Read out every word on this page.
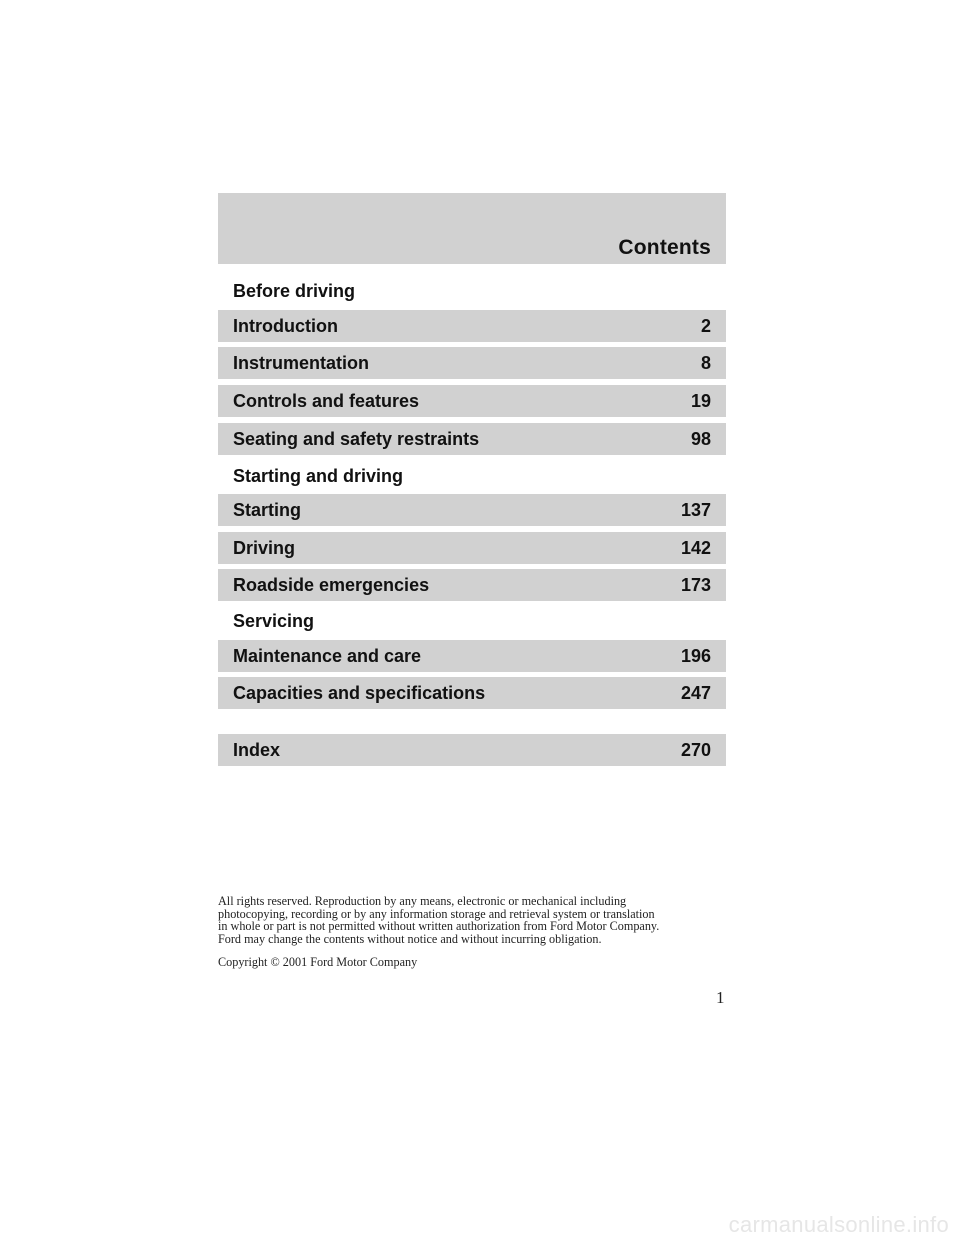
Contents
Before driving
Introduction	2
Instrumentation	8
Controls and features	19
Seating and safety restraints	98
Starting and driving
Starting	137
Driving	142
Roadside emergencies	173
Servicing
Maintenance and care	196
Capacities and specifications	247
Index	270
All rights reserved. Reproduction by any means, electronic or mechanical including
photocopying, recording or by any information storage and retrieval system or translation
in whole or part is not permitted without written authorization from Ford Motor Company.
Ford may change the contents without notice and without incurring obligation.
Copyright © 2001 Ford Motor Company
1
carmanualsonline.info
